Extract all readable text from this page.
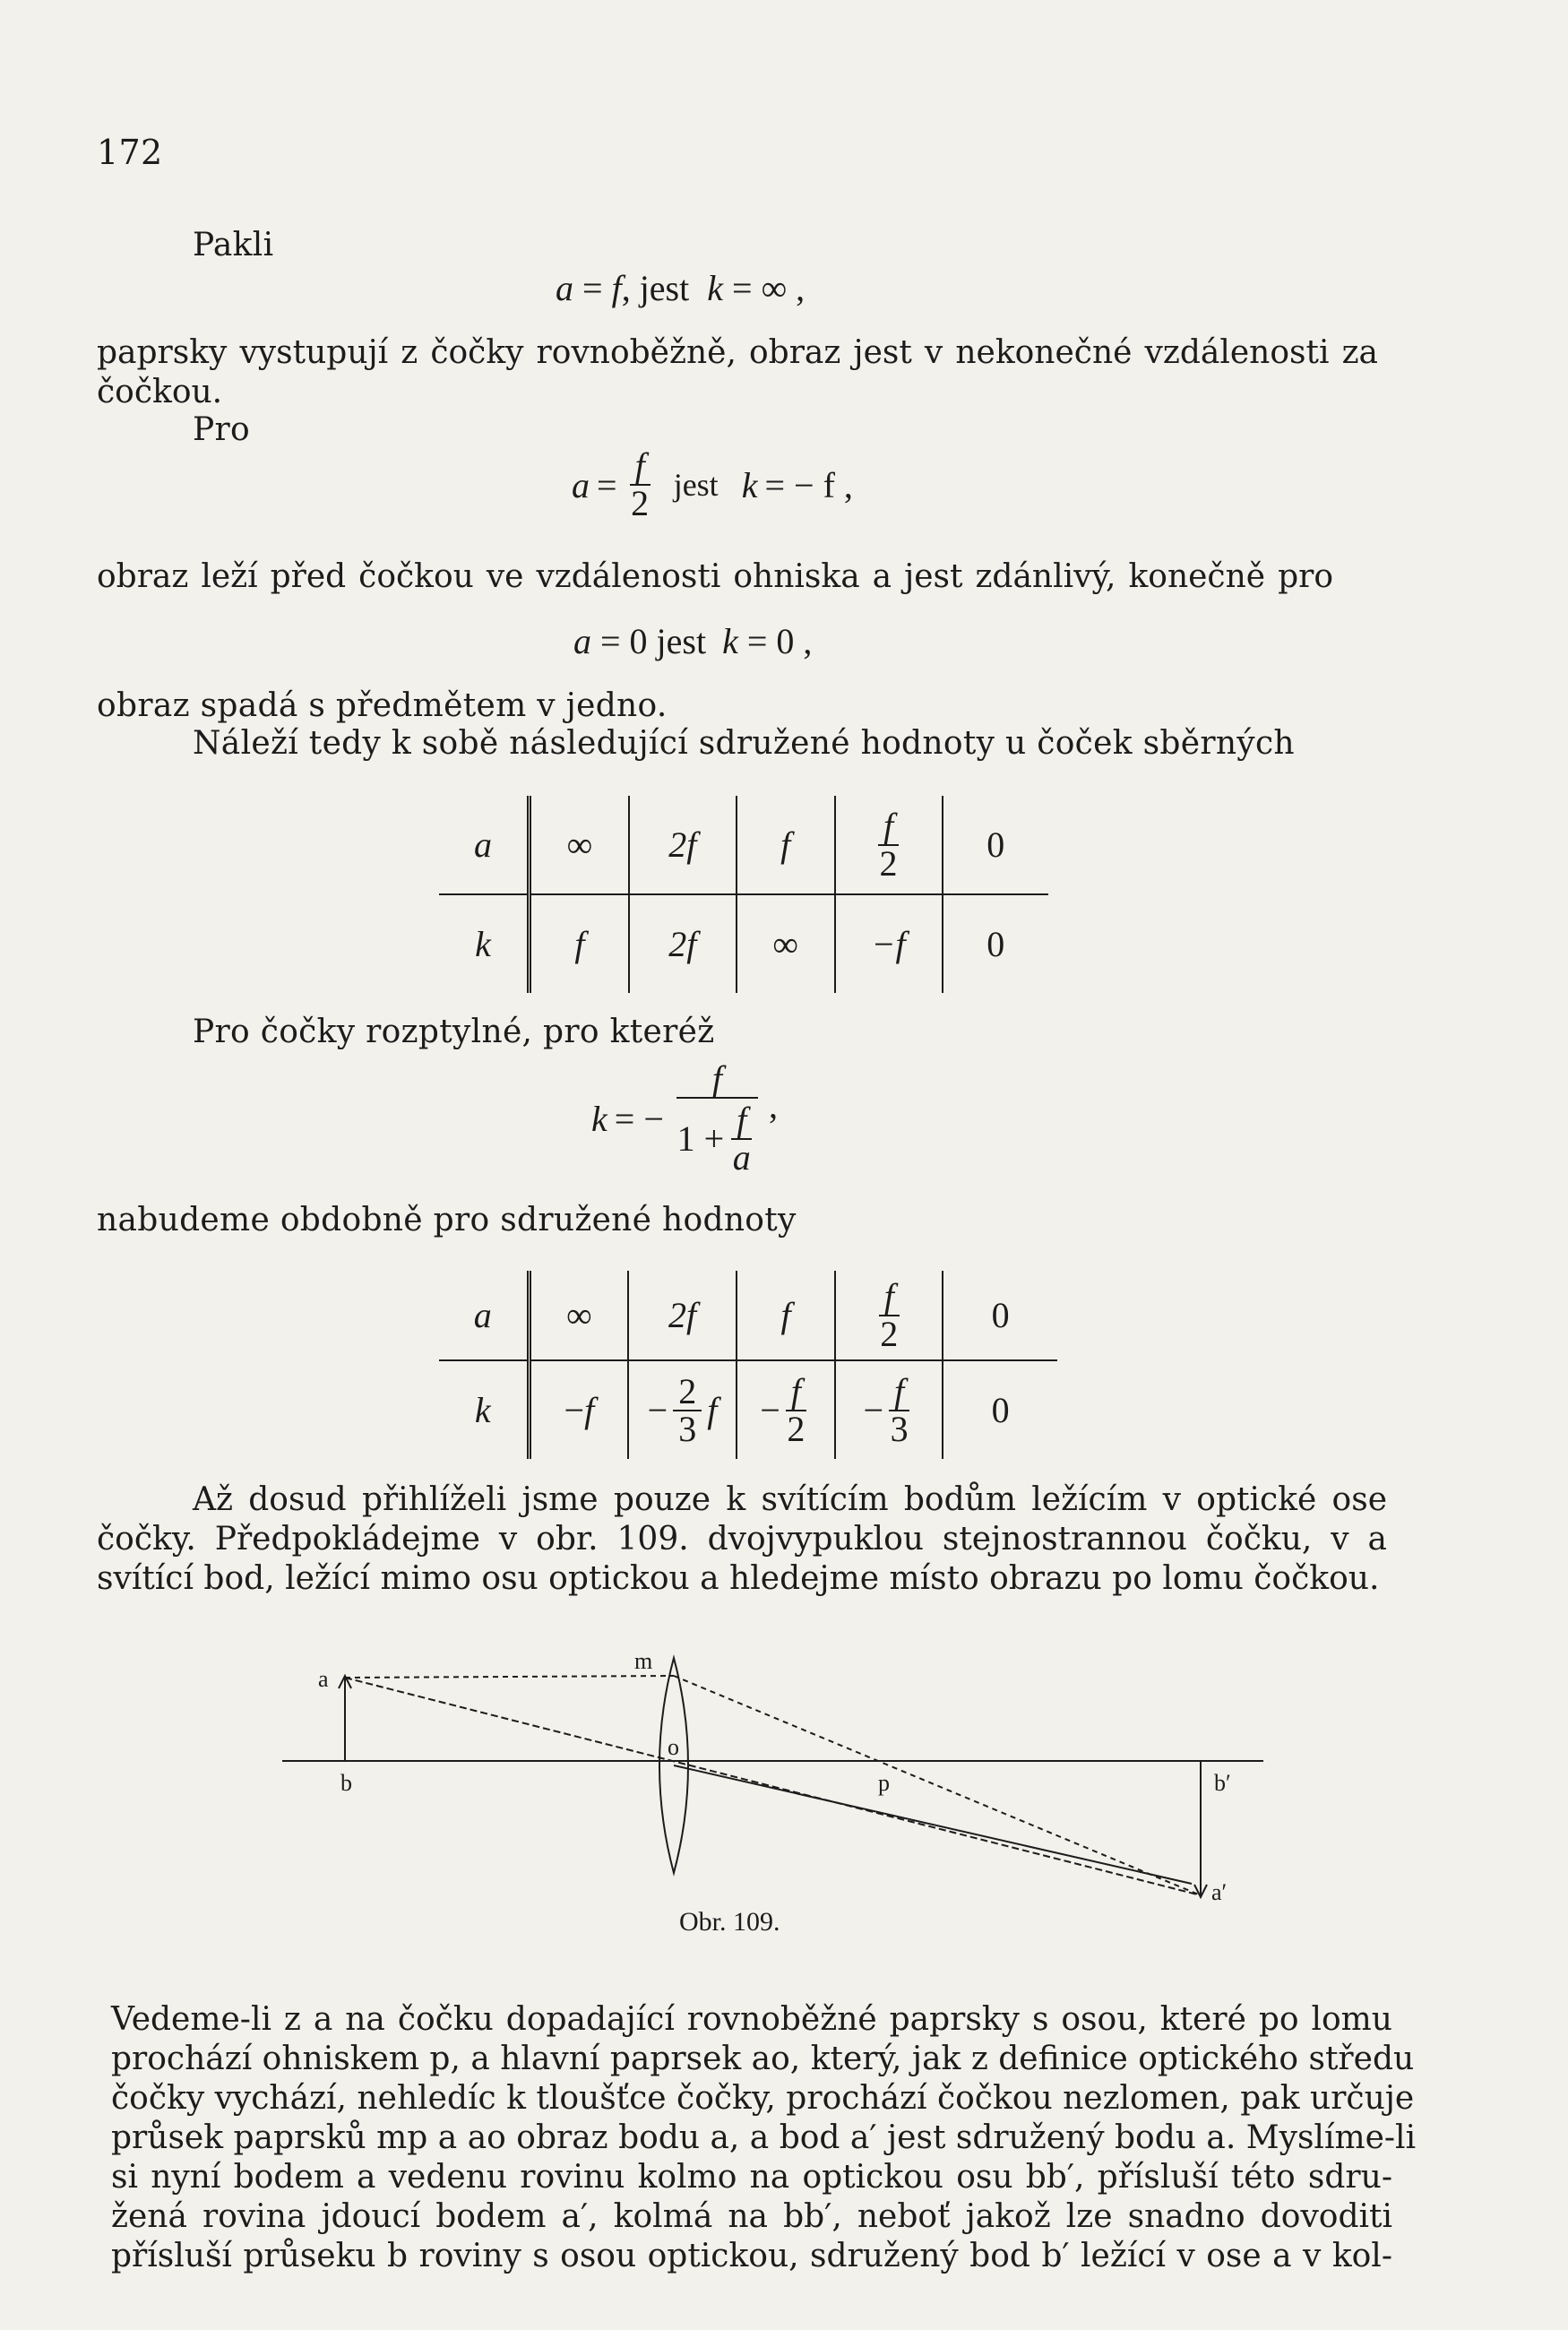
172
Pakli
a = f, jest k = ∞ ,
paprsky vystupují z čočky rovnoběžně, obraz jest v nekonečné vzdálenosti za
čočkou.
Pro
$a = \frac{f}{2}$ jest k = − f ,
obraz leží před čočkou ve vzdálenosti ohniska a jest zdánlivý, konečně pro
a = 0 jest k = 0 ,
obraz spadá s předmětem v jedno.
Náleží tedy k sobě následující sdružené hodnoty u čoček sběrných
a	∞	2f	f	$\frac{f}{2}$	0
k	f	2f	∞	−f	0
Pro čočky rozptylné, pro kteréž
k = − $\frac{f}{1 + \frac{f}{a}}$ ,
nabudeme obdobně pro sdružené hodnoty
a	∞	2f	f	$\frac{f}{2}$	0
k	−f	− $\frac{2}{3}$ f	− $\frac{f}{2}$	− $\frac{f}{3}$	0
Až dosud přihlíželi jsme pouze k svítícím bodům ležícím v optické ose
čočky. Předpokládejme v obr. 109. dvojvypuklou stejnostrannou čočku, v a
svítící bod, ležící mimo osu optickou a hledejme místo obrazu po lomu čočkou.
a
m
o
b	p	b′
a′
Obr. 109.
Vedeme-li z a na čočku dopadající rovnoběžné paprsky s osou, které po lomu
prochází ohniskem p, a hlavní paprsek ao, který, jak z definice optického středu
čočky vychází, nehledíc k tloušťce čočky, prochází čočkou nezlomen, pak určuje
průsek paprsků mp a ao obraz bodu a, a bod a′ jest sdružený bodu a. Myslíme-li
si nyní bodem a vedenu rovinu kolmo na optickou osu bb′, přísluší této sdru-
žená rovina jdoucí bodem a′, kolmá na bb′, neboť jakož lze snadno dovoditi
přísluší průseku b roviny s osou optickou, sdružený bod b′ ležící v ose a v kol-
